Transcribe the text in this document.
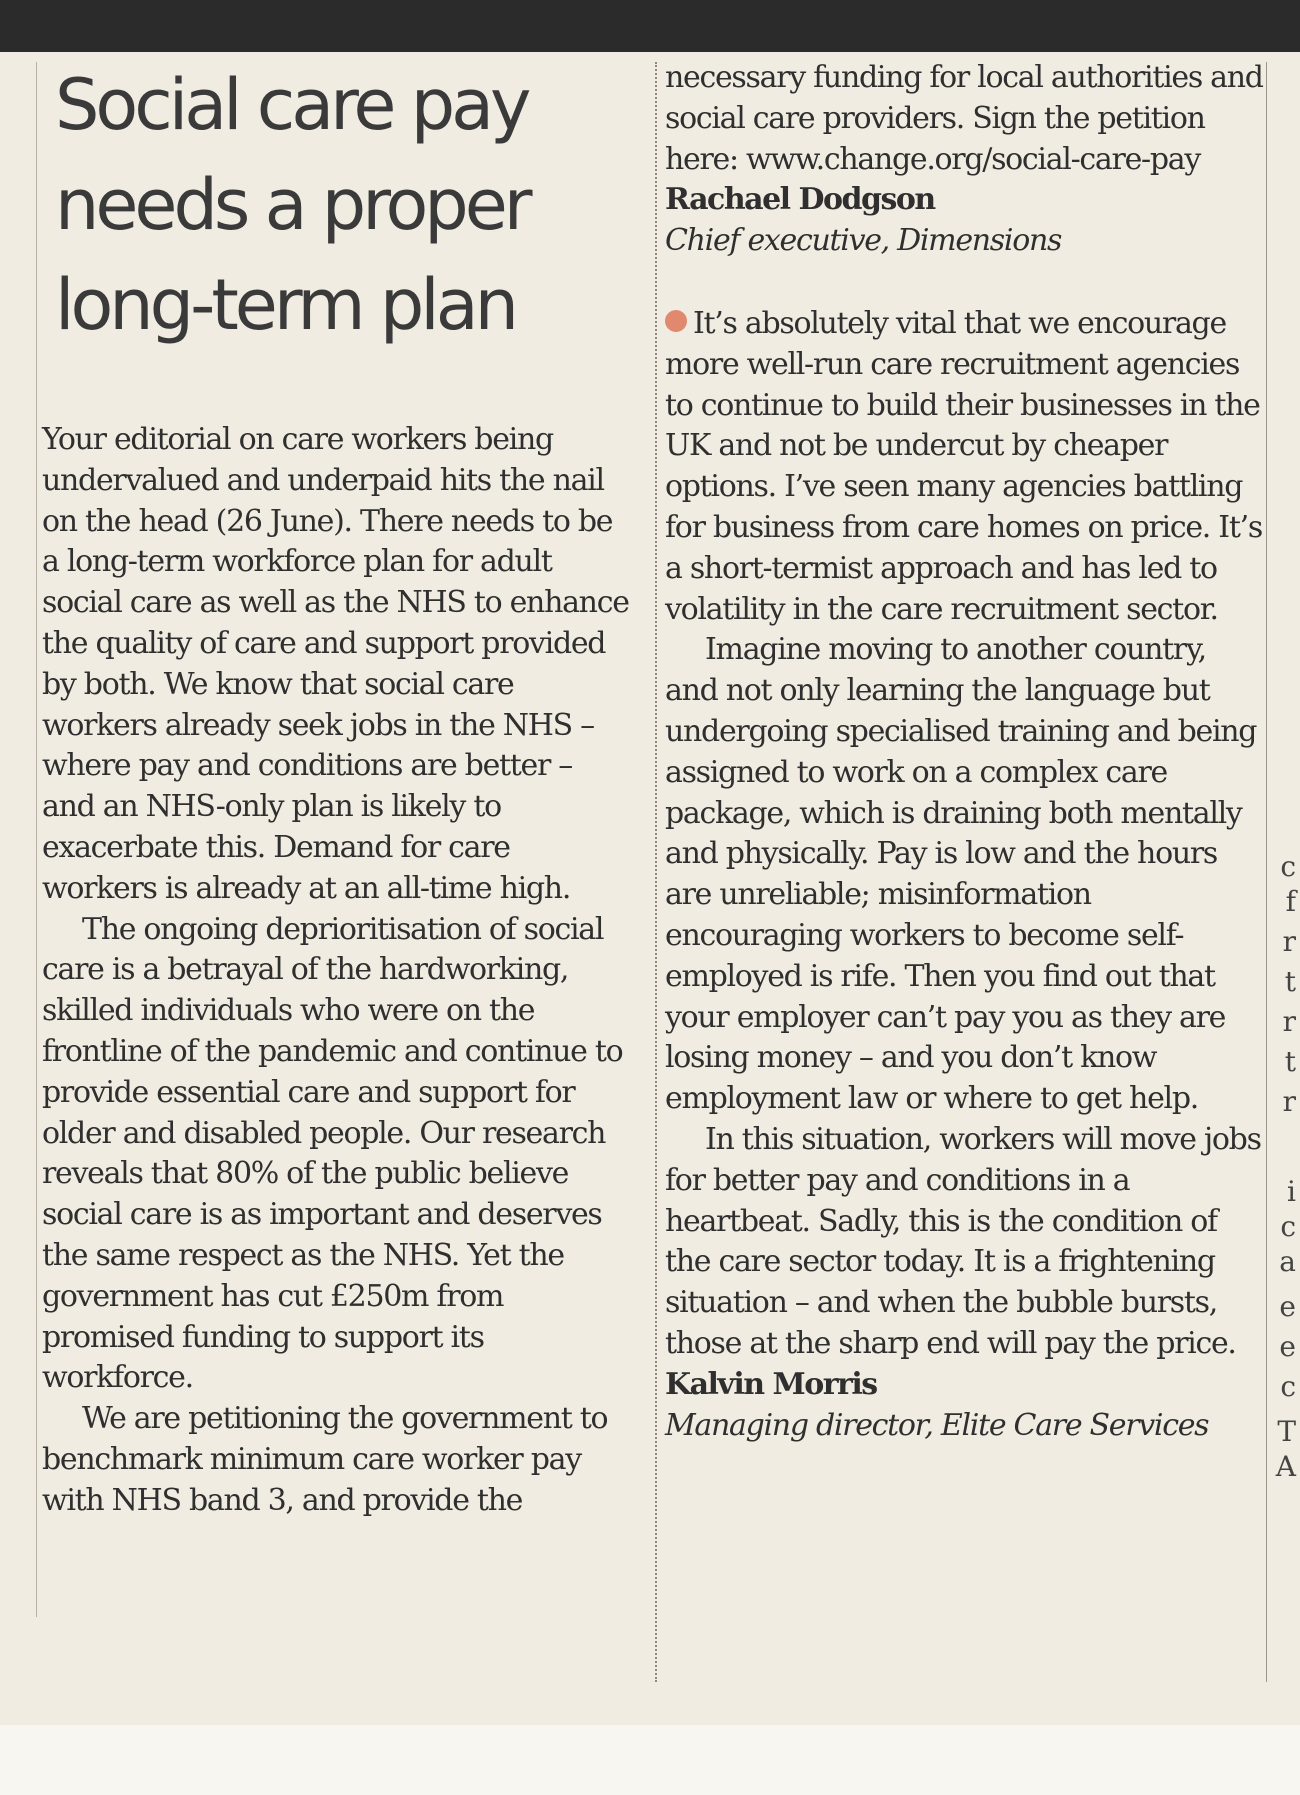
Social care pay needs a proper long-term plan

Your editorial on care workers being undervalued and underpaid hits the nail on the head (26 June). There needs to be a long-term workforce plan for adult social care as well as the NHS to enhance the quality of care and support provided by both. We know that social care workers already seek jobs in the NHS – where pay and conditions are better – and an NHS-only plan is likely to exacerbate this. Demand for care workers is already at an all-time high.

The ongoing deprioritisation of social care is a betrayal of the hardworking, skilled individuals who were on the frontline of the pandemic and continue to provide essential care and support for older and disabled people. Our research reveals that 80% of the public believe social care is as important and deserves the same respect as the NHS. Yet the government has cut £250m from promised funding to support its workforce.

We are petitioning the government to benchmark minimum care worker pay with NHS band 3, and provide the

necessary funding for local authorities and social care providers. Sign the petition here: www.change.org/social-care-pay
Rachael Dodgson
Chief executive, Dimensions

It’s absolutely vital that we encourage more well-run care recruitment agencies to continue to build their businesses in the UK and not be undercut by cheaper options. I’ve seen many agencies battling for business from care homes on price. It’s a short-termist approach and has led to volatility in the care recruitment sector.

Imagine moving to another country, and not only learning the language but undergoing specialised training and being assigned to work on a complex care package, which is draining both mentally and physically. Pay is low and the hours are unreliable; misinformation encouraging workers to become self-employed is rife. Then you find out that your employer can’t pay you as they are losing money – and you don’t know employment law or where to get help.

In this situation, workers will move jobs for better pay and conditions in a heartbeat. Sadly, this is the condition of the care sector today. It is a frightening situation – and when the bubble bursts, those at the sharp end will pay the price.

Kalvin Morris
Managing director, Elite Care Services
c
f
r
t
r
t
r
i
c
a
e
e
c
T
A
